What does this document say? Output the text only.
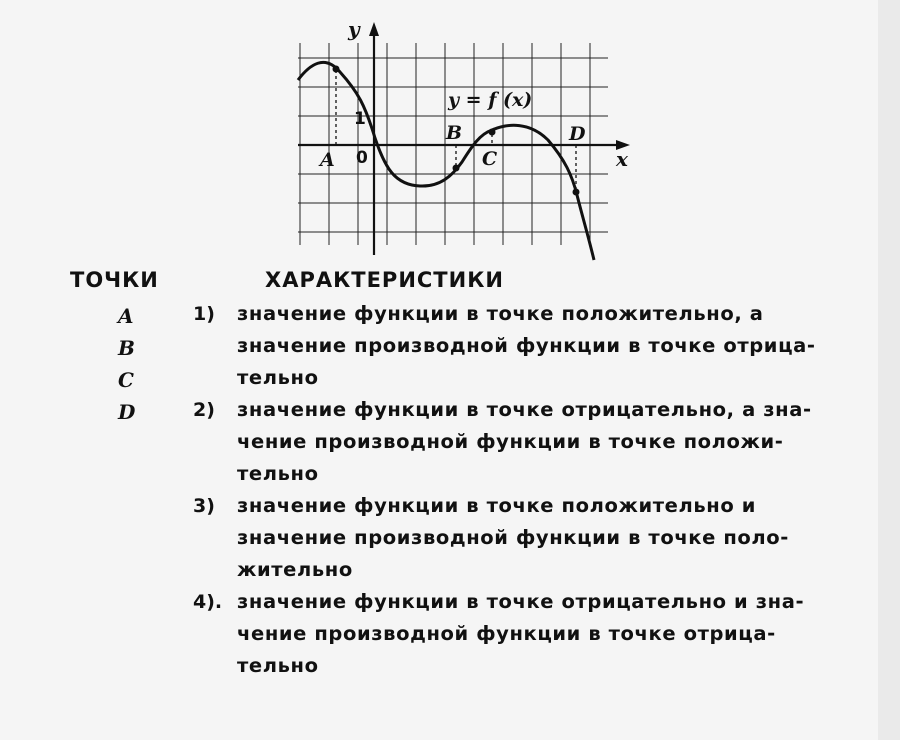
y
x
0
1
y = f (x)
A
B
C
D
ТОЧКИ	ХАРАКТЕРИСТИКИ
A
B
C
D
1)	значение функции в точке положительно, а
значение производной функции в точке отрица-
тельно
2)	значение функции в точке отрицательно, а зна-
чение производной функции в точке положи-
тельно
3)	значение функции в точке положительно и
значение производной функции в точке поло-
жительно
4). значение функции в точке отрицательно и зна-
чение производной функции в точке отрица-
тельно
